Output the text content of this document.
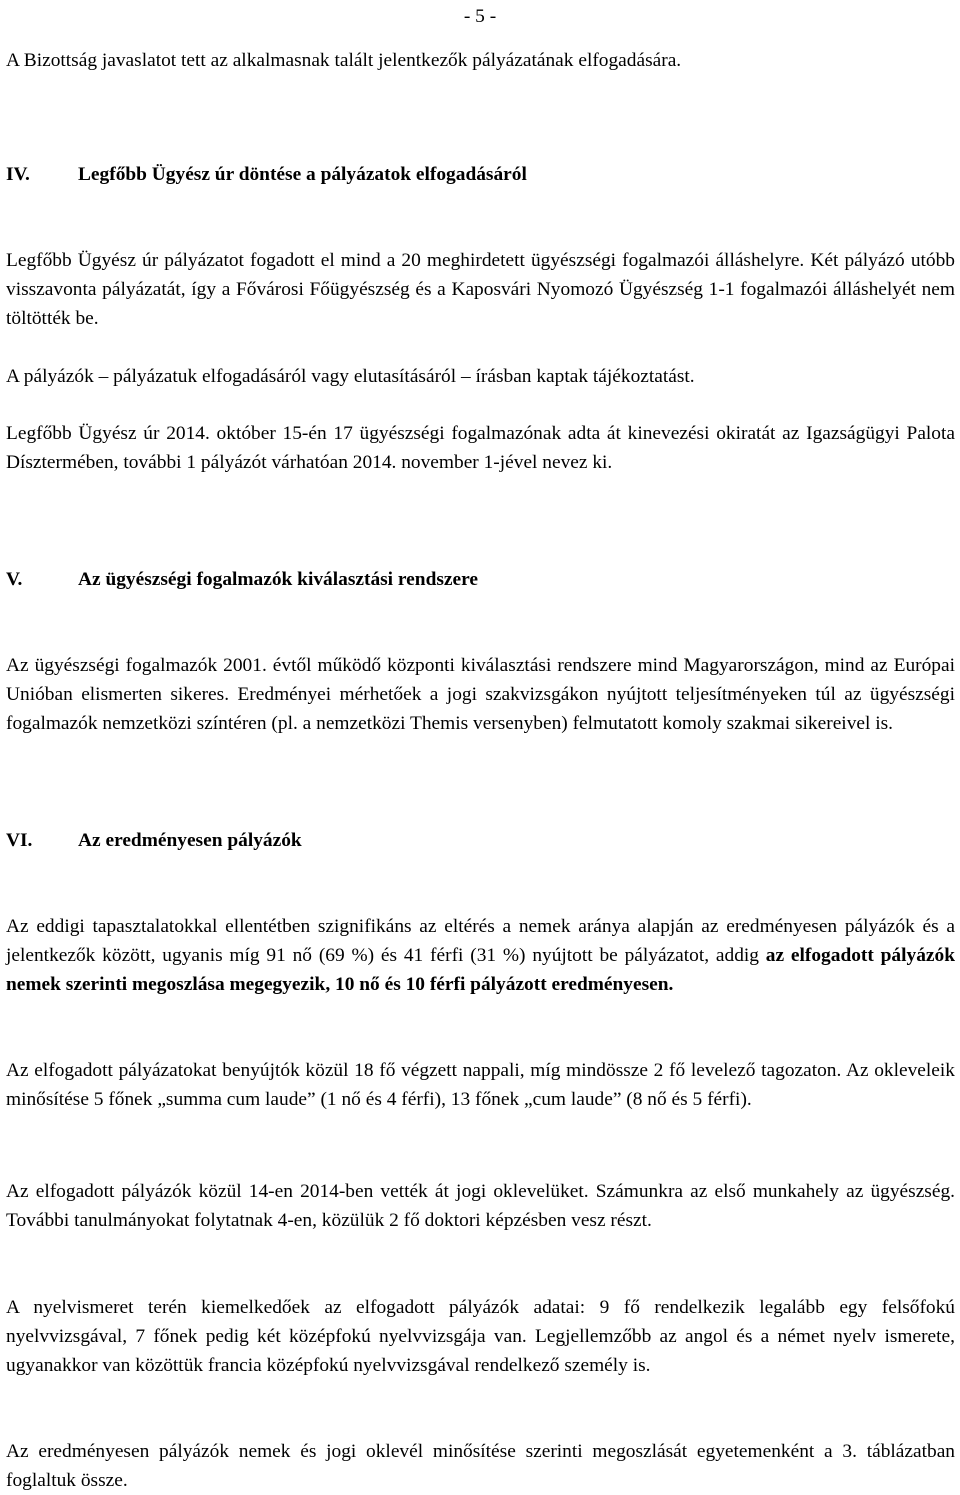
- 5 -

A Bizottság javaslatot tett az alkalmasnak talált jelentkezők pályázatának elfogadására.

IV. Legfőbb Ügyész úr döntése a pályázatok elfogadásáról

Legfőbb Ügyész úr pályázatot fogadott el mind a 20 meghirdetett ügyészségi fogalmazói álláshelyre. Két pályázó utóbb visszavonta pályázatát, így a Fővárosi Főügyészség és a Kaposvári Nyomozó Ügyészség 1-1 fogalmazói álláshelyét nem töltötték be.

A pályázók – pályázatuk elfogadásáról vagy elutasításáról – írásban kaptak tájékoztatást.

Legfőbb Ügyész úr 2014. október 15-én 17 ügyészségi fogalmazónak adta át kinevezési okiratát az Igazságügyi Palota Dísztermében, további 1 pályázót várhatóan 2014. november 1-jével nevez ki.

V.	Az ügyészségi fogalmazók kiválasztási rendszere

Az ügyészségi fogalmazók 2001. évtől működő központi kiválasztási rendszere mind Magyarországon, mind az Európai Unióban elismerten sikeres. Eredményei mérhetőek a jogi szakvizsgákon nyújtott teljesítményeken túl az ügyészségi fogalmazók nemzetközi színtéren (pl. a nemzetközi Themis versenyben) felmutatott komoly szakmai sikereivel is.

VI. Az eredményesen pályázók

Az eddigi tapasztalatokkal ellentétben szignifikáns az eltérés a nemek aránya alapján az eredményesen pályázók és a jelentkezők között, ugyanis míg 91 nő (69 %) és 41 férfi (31 %) nyújtott be pályázatot, addig az elfogadott pályázók nemek szerinti megoszlása megegyezik, 10 nő és 10 férfi pályázott eredményesen.

Az elfogadott pályázatokat benyújtók közül 18 fő végzett nappali, míg mindössze 2 fő levelező tagozaton. Az okleveleik minősítése 5 főnek „summa cum laude” (1 nő és 4 férfi), 13 főnek „cum laude” (8 nő és 5 férfi).

Az elfogadott pályázók közül 14-en 2014-ben vették át jogi oklevelüket. Számunkra az első munkahely az ügyészség. További tanulmányokat folytatnak 4-en, közülük 2 fő doktori képzésben vesz részt.

A nyelvismeret terén kiemelkedőek az elfogadott pályázók adatai: 9 fő rendelkezik legalább egy felsőfokú nyelvvizsgával, 7 főnek pedig két középfokú nyelvvizsgája van. Legjellemzőbb az angol és a német nyelv ismerete, ugyanakkor van közöttük francia középfokú nyelvvizsgával rendelkező személy is.

Az eredményesen pályázók nemek és jogi oklevél minősítése szerinti megoszlását egyetemenként a 3. táblázatban foglaltuk össze.
